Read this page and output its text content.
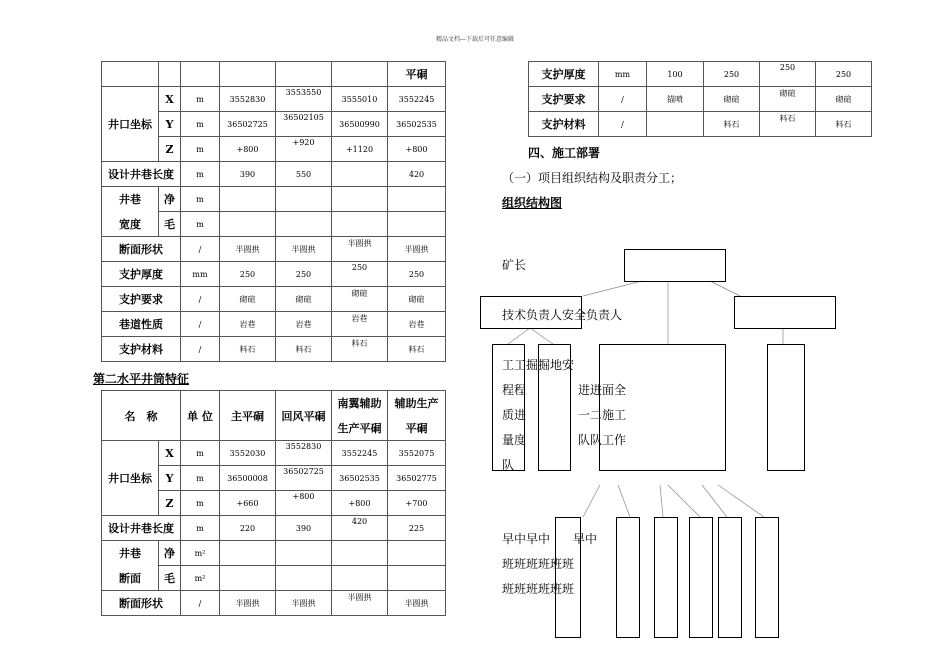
精品文档---下载后可任意编辑
						平硐
井口坐标	X	m	3552830	3553550	3555010	3552245
	Y	m	36502725	36502105	36500990	36502535
	Z	m	+800	+920	+1120	+800
设计井巷长度		m	390	550		420
井巷	净	m				
宽度	毛	m				
断面形状		/	半圆拱	半圆拱	半圆拱	半圆拱
支护厚度		mm	250	250	250	250
支护要求		/	砌碹	砌碹	砌碹	砌碹
巷道性质		/	岩巷	岩巷	岩巷	岩巷
支护材料		/	料石	料石	料石	料石
第二水平井筒特征
名　称		单 位	主平硐	回风平硐	南翼辅助	辅助生产
					生产平硐	平硐
井口坐标	X	m	3552030	3552830	3552245	3552075
	Y	m	36500008	36502725	36502535	36502775
	Z	m	+660	+800	+800	+700
设计井巷长度		m	220	390	420	225
井巷	净	m²				
断面	毛	m²				
断面形状		/	半圆拱	半圆拱	半圆拱	半圆拱
支护厚度	mm	100	250	250	250
支护要求	/	锚喷	砌碹	砌碹	砌碹
支护材料	/		料石	料石	料石
四、施工部署
（一）项目组织结构及职责分工；
组织结构图
矿长
技术负责人安全负责人
工工掘掘地安
程程	进进面全
质进	一二施工
量度	队队工作
队
早中早中 早中
班班班班班班
班班班班班班
